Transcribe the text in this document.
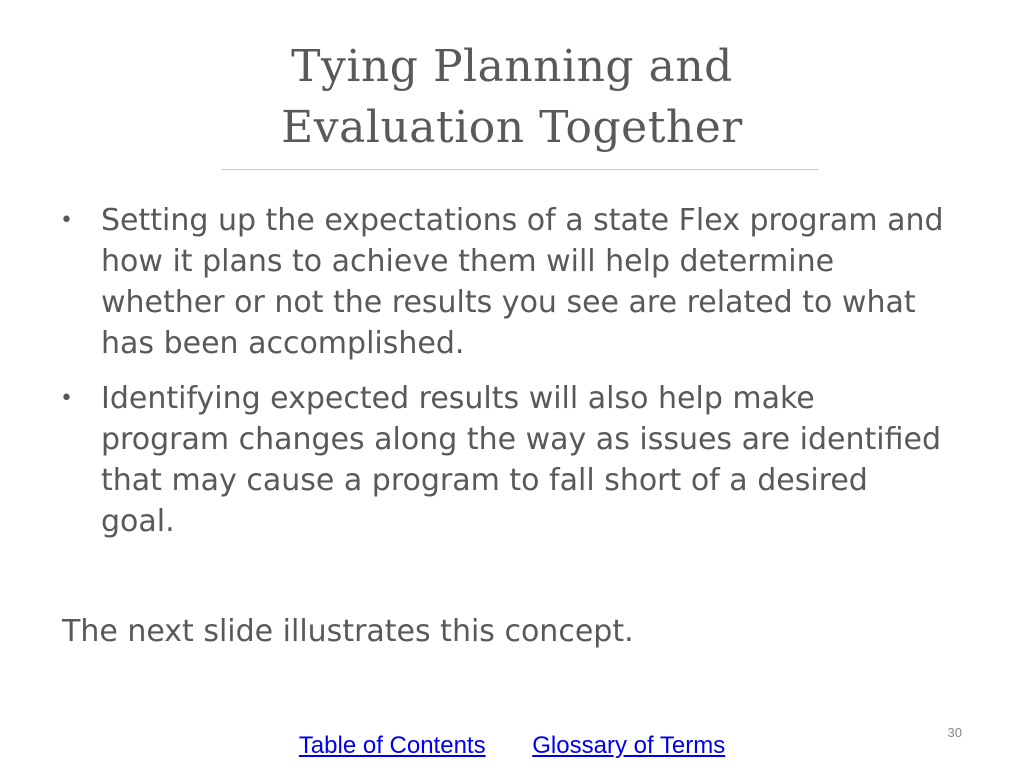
Tying Planning and
Evaluation Together
• Setting up the expectations of a state Flex program and how it plans to achieve them will help determine whether or not the results you see are related to what has been accomplished.
• Identifying expected results will also help make program changes along the way as issues are identified that may cause a program to fall short of a desired goal.

The next slide illustrates this concept.

30
Table of Contents Glossary of Terms
